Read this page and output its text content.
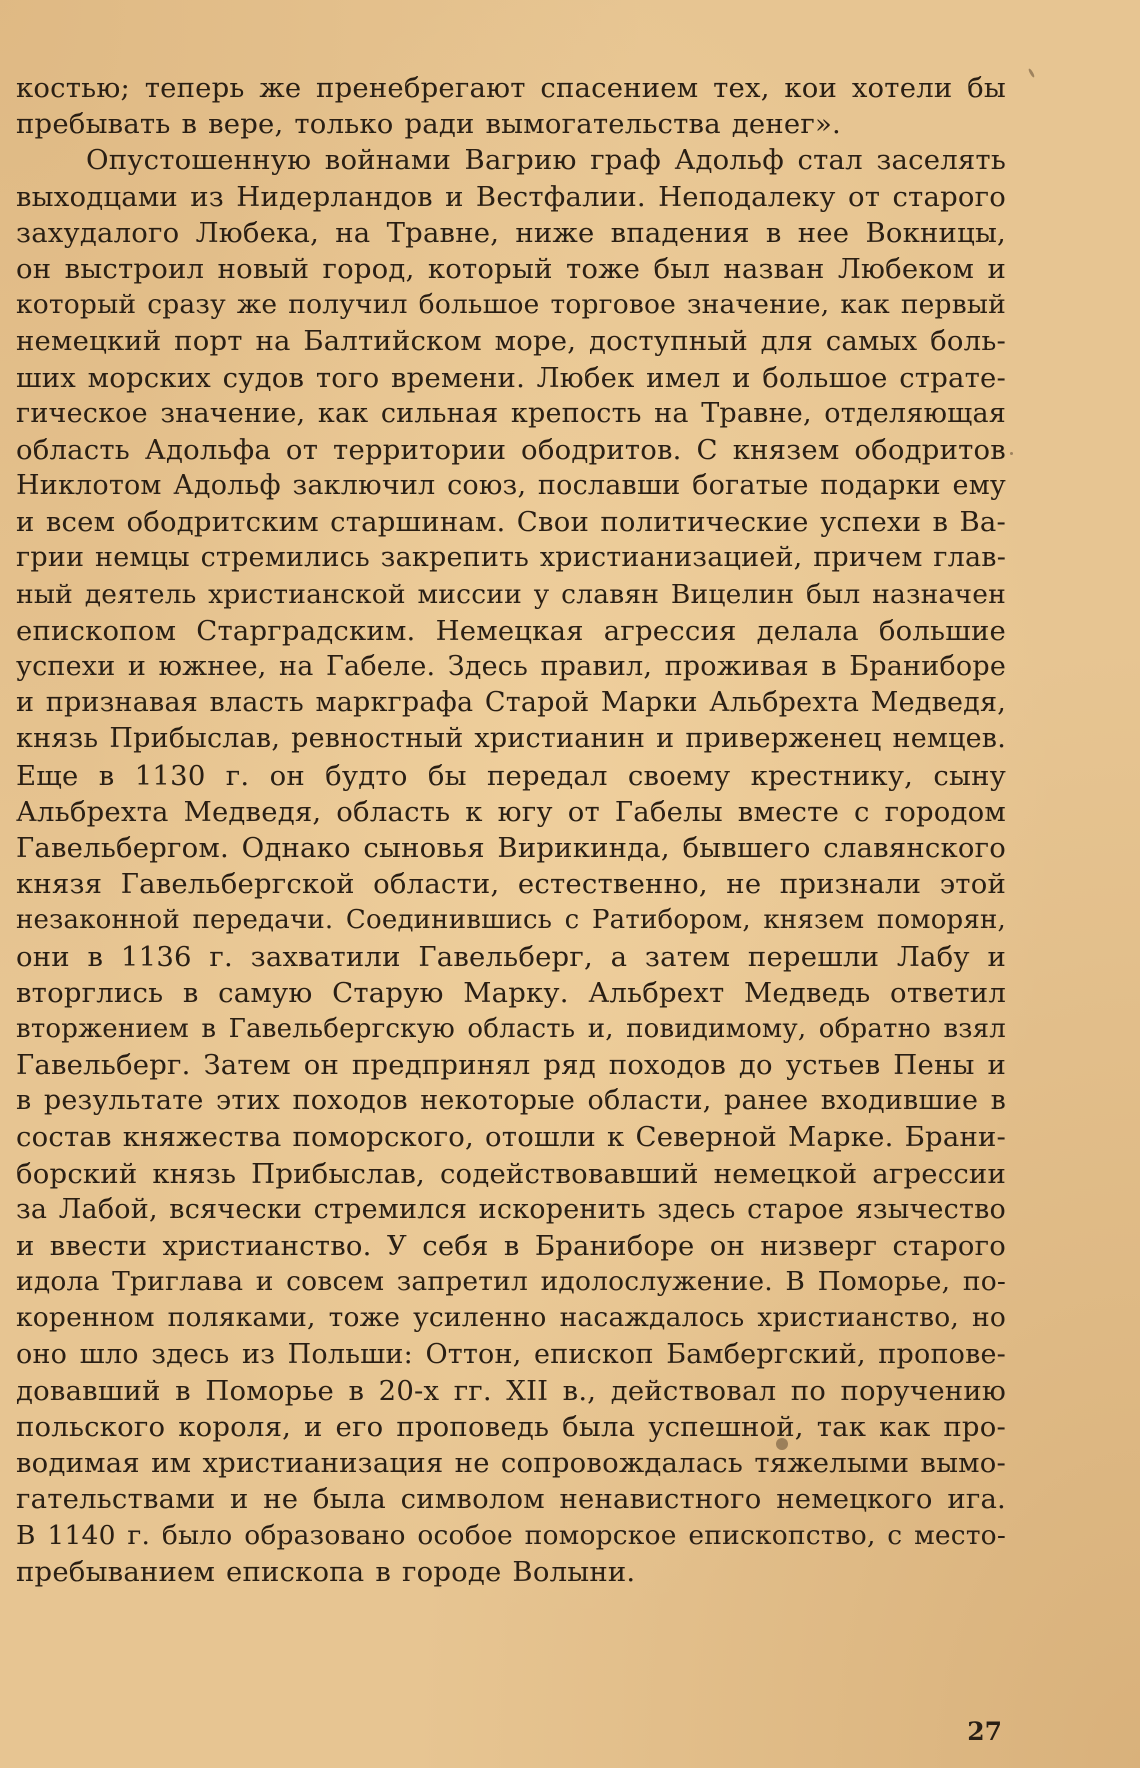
костью; теперь же пренебрегают спасением тех, кои хотели бы
пребывать в вере, только ради вымогательства денег».
Опустошенную войнами Вагрию граф Адольф стал заселять
выходцами из Нидерландов и Вестфалии. Неподалеку от старого
захудалого Любека, на Травне, ниже впадения в нее Вокницы,
он выстроил новый город, который тоже был назван Любеком и
который сразу же получил большое торговое значение, как первый
немецкий порт на Балтийском море, доступный для самых боль-
ших морских судов того времени. Любек имел и большое страте-
гическое значение, как сильная крепость на Травне, отделяющая
область Адольфа от территории ободритов. С князем ободритов
Никлотом Адольф заключил союз, пославши богатые подарки ему
и всем ободритским старшинам. Свои политические успехи в Ва-
грии немцы стремились закрепить христианизацией, причем глав-
ный деятель христианской миссии у славян Вицелин был назначен
епископом Старградским. Немецкая агрессия делала большие
успехи и южнее, на Габеле. Здесь правил, проживая в Браниборе
и признавая власть маркграфа Старой Марки Альбрехта Медведя,
князь Прибыслав, ревностный христианин и приверженец немцев.
Еще в 1130 г. он будто бы передал своему крестнику, сыну
Альбрехта Медведя, область к югу от Габелы вместе с городом
Гавельбергом. Однако сыновья Вирикинда, бывшего славянского
князя Гавельбергской области, естественно, не признали этой
незаконной передачи. Соединившись с Ратибором, князем поморян,
они в 1136 г. захватили Гавельберг, а затем перешли Лабу и
вторглись в самую Старую Марку. Альбрехт Медведь ответил
вторжением в Гавельбергскую область и, повидимому, обратно взял
Гавельберг. Затем он предпринял ряд походов до устьев Пены и
в результате этих походов некоторые области, ранее входившие в
состав княжества поморского, отошли к Северной Марке. Брани-
борский князь Прибыслав, содействовавший немецкой агрессии
за Лабой, всячески стремился искоренить здесь старое язычество
и ввести христианство. У себя в Браниборе он низверг старого
идола Триглава и совсем запретил идолослужение. В Поморье, по-
коренном поляками, тоже усиленно насаждалось христианство, но
оно шло здесь из Польши: Оттон, епископ Бамбергский, пропове-
довавший в Поморье в 20-х гг. XII в., действовал по поручению
польского короля, и его проповедь была успешной, так как про-
водимая им христианизация не сопровождалась тяжелыми вымо-
гательствами и не была символом ненавистного немецкого ига.
В 1140 г. было образовано особое поморское епископство, с место-
пребыванием епископа в городе Волыни.
27
